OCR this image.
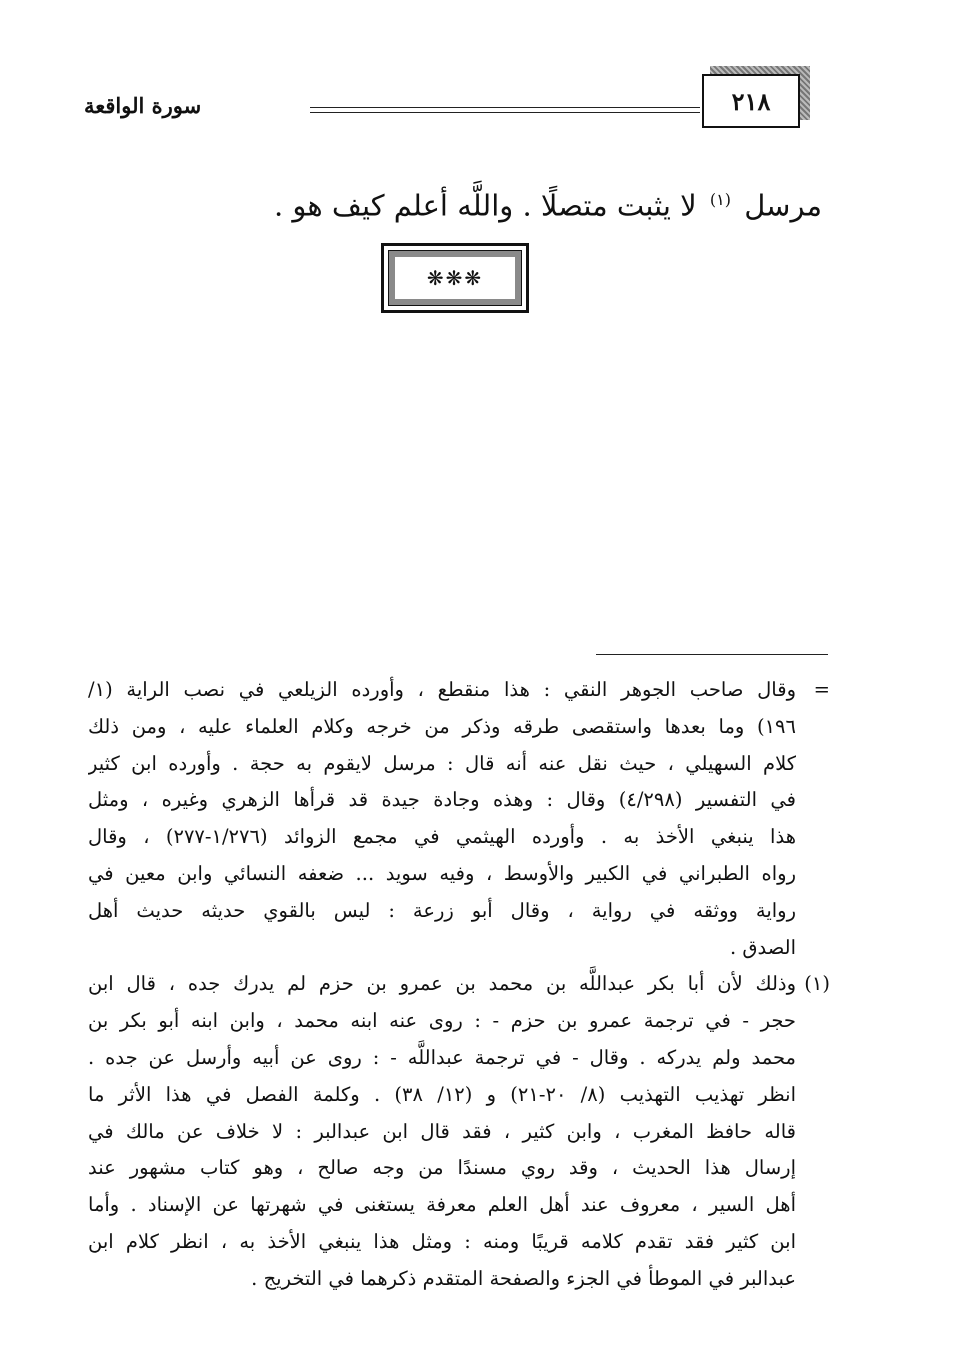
٢١٨
سورة الواقعة
مرسل $^{(١)}$ لا يثبت متصلًا . واللَّه أعلم كيف هو .
❋❋❋
=
وقال صاحب الجوهر النقي : هذا منقطع ، وأورده الزيلعي في نصب الراية (١/
١٩٦) وما بعدها واستقصى طرقه وذكر من خرجه وكلام العلماء عليه ، ومن ذلك
كلام السهيلي ، حيث نقل عنه أنه قال : مرسل لايقوم به حجة . وأورده ابن كثير
في التفسير (٤/٢٩٨) وقال : وهذه وجادة جيدة قد قرأها الزهري وغيره ، ومثل
هذا ينبغي الأخذ به . وأورده الهيثمي في مجمع الزوائد (١/٢٧٦-٢٧٧) ، وقال
رواه الطبراني في الكبير والأوسط ، وفيه سويد ... ضعفه النسائي وابن معين في
رواية ووثقه في رواية ، وقال أبو زرعة : ليس بالقوي حديثه حديث أهل
الصدق .
(١)
وذلك لأن أبا بكر عبداللَّه بن محمد بن عمرو بن حزم لم يدرك جده ، قال ابن
حجر - في ترجمة عمرو بن حزم - : روى عنه ابنه محمد ، وابن ابنه أبو بكر بن
محمد ولم يدركه . وقال - في ترجمة عبداللَّه - : روى عن أبيه وأرسل عن جده .
انظر تهذيب التهذيب (٨/ ٢٠-٢١) و (١٢/ ٣٨) . وكلمة الفصل في هذا الأثر ما
قاله حافظ المغرب ، وابن كثير ، فقد قال ابن عبدالبر : لا خلاف عن مالك في
إرسال هذا الحديث ، وقد روي مسندًا من وجه صالح ، وهو كتاب مشهور عند
أهل السير ، معروف عند أهل العلم معرفة يستغنى في شهرتها عن الإسناد . وأما
ابن كثير فقد تقدم كلامه قريبًا ومنه : ومثل هذا ينبغي الأخذ به ، انظر كلام ابن
عبدالبر في الموطأ في الجزء والصفحة المتقدم ذكرهما في التخريج .
